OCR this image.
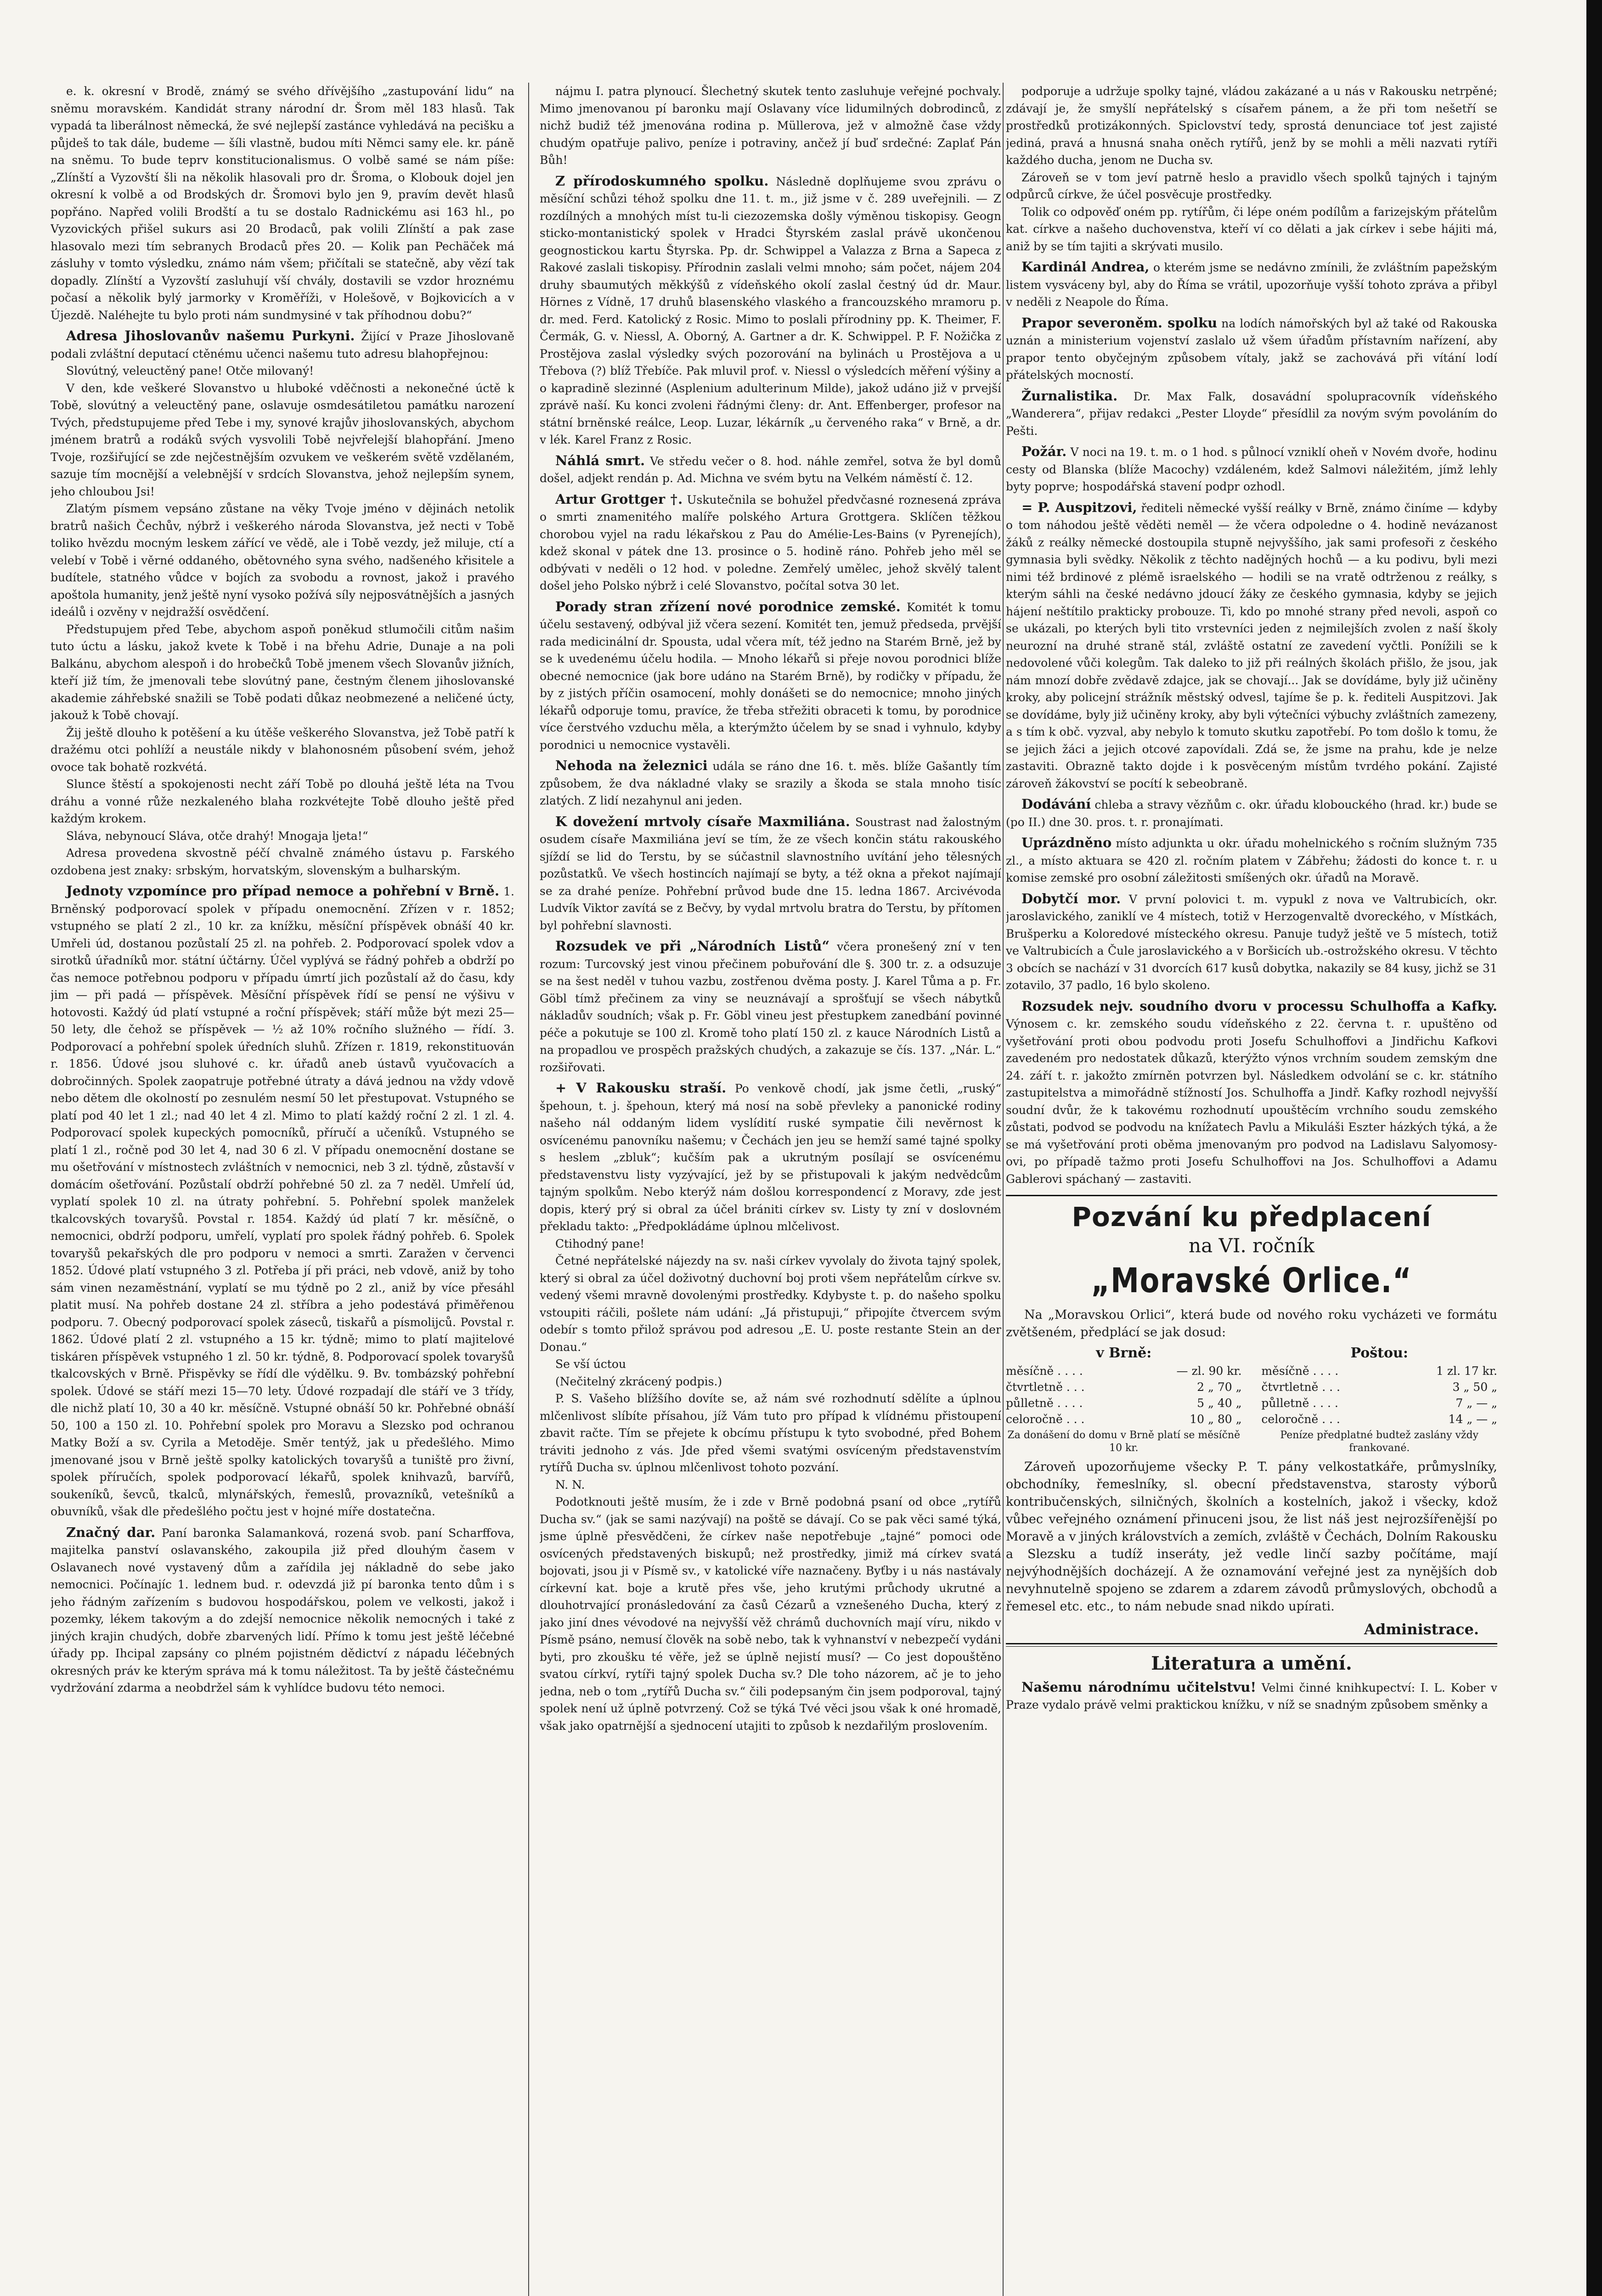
e. k. okresní v Brodě, známý se svého dřívějšího „zastupování lidu“ na sněmu moravském. Kandidát strany národní dr. Šrom měl 183 hlasů. Tak vypadá ta liberálnost německá, že své nejlepší zastánce vyhledává na pecišku a půjdeš to tak dále, budeme — šíli vlastně, budou míti Němci samy ele. kr. páně na sněmu. To bude teprv konstitucionalismus. O volbě samé se nám píše: „Zlínští a Vyzovští šli na několik hlasovali pro dr. Šroma, o Klobouk dojel jen okresní k volbě a od Brodských dr. Šromovi bylo jen 9, pravím devět hlasů popřáno. Napřed volili Brodští a tu se dostalo Radnickému asi 163 hl., po Vyzovických přišel sukurs asi 20 Brodaců, pak volili Zlínští a pak zase hlasovalo mezi tím sebranych Brodaců přes 20. — Kolik pan Pechäček má zásluhy v tomto výsledku, známo nám všem; přičítali se statečně, aby vězí tak dopadly. Zlínští a Vyzovští zasluhují vší chvály, dostavili se vzdor hroznému počasí a několik bylý jarmorky v Kroměříži, v Holešově, v Bojkovicích a v Újezdě. Naléhejte tu bylo proti nám sundmysiné v tak příhodnou dobu?“

Adresa Jihoslovanův našemu Purkyni. Žijící v Praze Jihoslovaně podali zvláštní deputací ctěnému učenci našemu tuto adresu blahopřejnou:

Slovútný, veleuctěný pane! Otče milovaný!

V den, kde veškeré Slovanstvo u hluboké vděčnosti a nekonečné úctě k Tobě, slovútný a veleuctěný pane, oslavuje osmdesátiletou památku narození Tvých, předstupujeme před Tebe i my, synové krajův jihoslovanských, abychom jménem bratrů a rodáků svých vysvolili Tobě nejvřelejší blahopřání. Jmeno Tvoje, rozšiřující se zde nejčestnějším ozvukem ve veškerém světě vzdělaném, sazuje tím mocnější a velebnější v srdcích Slovanstva, jehož nejlepším synem, jeho chloubou Jsi!

Zlatým písmem vepsáno zůstane na věky Tvoje jméno v dějinách netolik bratrů našich Čechův, nýbrž i veškerého národa Slovanstva, jež necti v Tobě toliko hvězdu mocným leskem zářící ve vědě, ale i Tobě vezdy, jež miluje, ctí a velebí v Tobě i věrné oddaného, obětovného syna svého, nadšeného křisitele a budítele, statného vůdce v bojích za svobodu a rovnost, jakož i pravého apoštola humanity, jenž ještě nyní vysoko požívá síly nejposvátnějších a jasných ideálů i ozvěny v nejdražší osvědčení.

Předstupujem před Tebe, abychom aspoň poněkud stlumočili citům našim tuto úctu a lásku, jakož kvete k Tobě i na břehu Adrie, Dunaje a na poli Balkánu, abychom alespoň i do hrobečků Tobě jmenem všech Slovanův jižních, kteří již tím, že jmenovali tebe slovútný pane, čestným členem jihoslovanské akademie záhřebské snažili se Tobě podati důkaz neobmezené a neličené úcty, jakouž k Tobě chovají.

Žij ještě dlouho k potěšení a ku útěše veškerého Slovanstva, jež Tobě patří k dražému otci pohlíží a neustále nikdy v blahonosném působení svém, jehož ovoce tak bohatě rozkvétá.

Slunce štěstí a spokojenosti necht září Tobě po dlouhá ještě léta na Tvou dráhu a vonné růže nezkaleného blaha rozkvétejte Tobě dlouho ještě před každým krokem.

Sláva, nebynoucí Sláva, otče drahý! Mnogaja ljeta!“

Adresa provedena skvostně péčí chvalně známého ústavu p. Farského ozdobena jest znaky: srbským, horvatským, slovenským a bulharským.

Jednoty vzpomínce pro případ nemoce a pohřební v Brně. 1. Brněnský podporovací spolek v případu onemocnění. Zřízen v r. 1852; vstupného se platí 2 zl., 10 kr. za knížku, měsíční příspěvek obnáší 40 kr. Umřeli úd, dostanou pozůstalí 25 zl. na pohřeb. 2. Podporovací spolek vdov a sirotků úřadníků mor. státní účtárny. Účel vyplývá se řádný pohřeb a obdrží po čas nemoce potřebnou podporu v případu úmrtí jich pozůstalí až do času, kdy jim — při padá — příspěvek. Měsíční příspěvek řídí se pensí ne výšivu v hotovosti. Každý úd platí vstupné a roční příspěvek; stáří může být mezi 25—50 lety, dle čehož se příspěvek — ½ až 10% ročního služného — řídí. 3. Podporovací a pohřební spolek úředních sluhů. Zřízen r. 1819, rekonstituován r. 1856. Údové jsou sluhové c. kr. úřadů aneb ústavů vyučovacích a dobročinných. Spolek zaopatruje potřebné útraty a dává jednou na vždy vdově nebo dětem dle okolností po zesnulém nesmí 50 let přestupovat. Vstupného se platí pod 40 let 1 zl.; nad 40 let 4 zl. Mimo to platí každý roční 2 zl. 1 zl. 4. Podporovací spolek kupeckých pomocníků, příručí a učeníků. Vstupného se platí 1 zl., ročně pod 30 let 4, nad 30 6 zl. V případu onemocnění dostane se mu ošetřování v místnostech zvláštních v nemocnici, neb 3 zl. týdně, zůstavší v domácím ošetřování. Pozůstalí obdrží pohřebné 50 zl. za 7 neděl. Umřelí úd, vyplatí spolek 10 zl. na útraty pohřební. 5. Pohřební spolek manželek tkalcovských tovaryšů. Povstal r. 1854. Každý úd platí 7 kr. měsíčně, o nemocnici, obdrží podporu, umřelí, vyplatí pro spolek řádný pohřeb. 6. Spolek tovaryšů pekařských dle pro podporu v nemoci a smrti. Zaražen v červenci 1852. Údové platí vstupného 3 zl. Potřeba jí při práci, neb vdově, aniž by toho sám vinen nezaměstnání, vyplatí se mu týdně po 2 zl., aniž by více přesáhl platit musí. Na pohřeb dostane 24 zl. stříbra a jeho podestává přiměřenou podporu. 7. Obecný podporovací spolek záseců, tiskařů a písmolijců. Povstal r. 1862. Údové platí 2 zl. vstupného a 15 kr. týdně; mimo to platí majitelové tiskáren příspěvek vstupného 1 zl. 50 kr. týdně, 8. Podporovací spolek tovaryšů tkalcovských v Brně. Přispěvky se řídí dle výdělku. 9. Bv. tombázský pohřební spolek. Údové se stáří mezi 15—70 lety. Údové rozpadají dle stáří ve 3 třídy, dle nichž platí 10, 30 a 40 kr. měsíčně. Vstupné obnáší 50 kr. Pohřebné obnáší 50, 100 a 150 zl. 10. Pohřební spolek pro Moravu a Slezsko pod ochranou Matky Boží a sv. Cyrila a Metoděje. Směr tentýž, jak u předešlého. Mimo jmenované jsou v Brně ještě spolky katolických tovaryšů a tuniště pro živní, spolek příručích, spolek podporovací lékařů, spolek knihvazů, barvířů, soukeníků, ševců, tkalců, mlynářských, řemeslů, provazníků, vetešníků a obuvníků, však dle předešlého počtu jest v hojné míře dostatečna.

Značný dar. Paní baronka Salamanková, rozená svob. paní Scharffova, majitelka panství oslavanského, zakoupila již před dlouhým časem v Oslavanech nové vystavený dům a zařídila jej nákladně do sebe jako nemocnici. Počínajíc 1. lednem bud. r. odevzdá již pí baronka tento dům i s jeho řádným zařízením s budovou hospodářskou, polem ve velkosti, jakož i pozemky, lékem takovým a do zdejší nemocnice několik nemocných i také z jiných krajin chudých, dobře zbarvených lidí. Přímo k tomu jest ještě léčebné úřady pp. Ihcipal zapsány co plném pojistném dědictví z nápadu léčebných okresných práv ke kterým správa má k tomu náležitost. Ta by ještě částečnému vydržování zdarma a neobdržel sám k vyhlídce budovu této nemoci.

nájmu I. patra plynoucí. Šlechetný skutek tento zasluhuje veřejné pochvaly. Mimo jmenovanou pí baronku mají Oslavany více lidumilných dobrodinců, z nichž budiž též jmenována rodina p. Müllerova, jež v almožně čase vždy chudým opatřuje palivo, peníze i potraviny, ančež jí buď srdečné: Zaplať Pán Bůh!

Z přírodoskumného spolku. Následně doplňujeme svou zprávu o měsíční schůzi téhož spolku dne 11. t. m., již jsme v č. 289 uveřejnili. — Z rozdílných a mnohých míst tu-li ciezozemska došly výměnou tiskopisy. Geogn sticko-montanistický spolek v Hradci Štyrském zaslal právě ukončenou geognostickou kartu Štyrska. Pp. dr. Schwippel a Valazza z Brna a Sapeca z Rakové zaslali tiskopisy. Přírodnin zaslali velmi mnoho; sám počet, nájem 204 druhy sbaumutých měkkýšů z vídeňského okolí zaslal čestný úd dr. Maur. Hörnes z Vídně, 17 druhů blasenského vlaského a francouzského mramoru p. dr. med. Ferd. Katolický z Rosic. Mimo to poslali přírodniny pp. K. Theimer, F. Čermák, G. v. Niessl, A. Oborný, A. Gartner a dr. K. Schwippel. P. F. Nožička z Prostějova zaslal výsledky svých pozorování na bylinách u Prostějova a u Třebova (?) blíž Třebíče. Pak mluvil prof. v. Niessl o výsledcích měření výšiny a o kapradině slezinné (Asplenium adulterinum Milde), jakož udáno již v prvejší zprávě naší. Ku konci zvoleni řádnými členy: dr. Ant. Effenberger, profesor na státní brněnské reálce, Leop. Luzar, lékárník „u červeného raka“ v Brně, a dr. v lék. Karel Franz z Rosic.

Náhlá smrt. Ve středu večer o 8. hod. náhle zemřel, sotva že byl domů došel, adjekt rendán p. Ad. Michna ve svém bytu na Velkém náměstí č. 12.

Artur Grottger †. Uskutečnila se bohužel předvčasné roznesená zpráva o smrti znamenitého malíře polského Artura Grottgera. Sklíčen těžkou chorobou vyjel na radu lékařskou z Pau do Amélie-Les-Bains (v Pyrenejích), kdež skonal v pátek dne 13. prosince o 5. hodině ráno. Pohřeb jeho měl se odbývati v neděli o 12 hod. v poledne. Zemřelý umělec, jehož skvělý talent došel jeho Polsko nýbrž i celé Slovanstvo, počítal sotva 30 let.

Porady stran zřízení nové porodnice zemské. Komitét k tomu účelu sestavený, odbýval již včera sezení. Komitét ten, jemuž předseda, prvější rada medicinální dr. Spousta, udal včera mít, též jedno na Starém Brně, jež by se k uvedenému účelu hodila. — Mnoho lékařů si přeje novou porodnici blíže obecné nemocnice (jak bore udáno na Starém Brně), by rodičky v případu, že by z jistých příčin osamocení, mohly donášeti se do nemocnice; mnoho jiných lékařů odporuje tomu, pravíce, že třeba střežiti obraceti k tomu, by porodnice více čerstvého vzduchu měla, a kterýmžto účelem by se snad i vyhnulo, kdyby porodnici u nemocnice vystavěli.

Nehoda na železnici udála se ráno dne 16. t. měs. blíže Gašantly tím způsobem, že dva nákladné vlaky se srazily a škoda se stala mnoho tisíc zlatých. Z lidí nezahynul ani jeden.

K dovežení mrtvoly císaře Maxmiliána. Soustrast nad žalostným osudem císaře Maxmiliána jeví se tím, že ze všech končin státu rakouského sjíždí se lid do Terstu, by se súčastnil slavnostního uvítání jeho tělesných pozůstatků. Ve všech hostincích najímají se byty, a též okna a překot najímají se za drahé peníze. Pohřební průvod bude dne 15. ledna 1867. Arcivévoda Ludvík Viktor zavítá se z Bečvy, by vydal mrtvolu bratra do Terstu, by přítomen byl pohřební slavnosti.

Rozsudek ve při „Národních Listů“ včera pronešený zní v ten rozum: Turcovský jest vinou přečinem pobuřování dle §. 300 tr. z. a odsuzuje se na šest neděl v tuhou vazbu, zostřenou dvěma posty. J. Karel Tůma a p. Fr. Göbl tímž přečinem za viny se neuznávají a sprošťují se všech nábytků nákladův soudních; však p. Fr. Göbl vineu jest přestupkem zanedbání povinné péče a pokutuje se 100 zl. Kromě toho platí 150 zl. z kauce Národních Listů a na propadlou ve prospěch pražských chudých, a zakazuje se čís. 137. „Nár. L.“ rozšiřovati.

+ V Rakousku straší. Po venkově chodí, jak jsme četli, „ruský“ špehoun, t. j. špehoun, který má nosí na sobě převleky a panonické rodiny našeho nál oddaným lidem vyslídití ruské sympatie čili nevěrnost k osvícenému panovníku našemu; v Čechách jen jeu se hemží samé tajné spolky s heslem „zbluk“; kučším pak a ukrutným posílají se osvícenému představenstvu listy vyzývající, jež by se přistupovali k jakým nedvědcům tajným spolkům. Nebo kterýž nám došlou korrespondencí z Moravy, zde jest dopis, který prý si obral za účel brániti církev sv. Listy ty zní v doslovném překladu takto: „Předpokládáme úplnou mlčelivost.

Ctihodný pane!

Četné nepřátelské nájezdy na sv. naši církev vyvolaly do života tajný spolek, který si obral za účel doživotný duchovní boj proti všem nepřátelům církve sv. vedený všemi mravně dovolenými prostředky. Kdybyste t. p. do našeho spolku vstoupiti ráčili, pošlete nám udání: „Já přistupuji,“ připojíte čtvercem svým odebír s tomto přilož správou pod adresou „E. U. poste restante Stein an der Donau.“

Se vší úctou

(Nečitelný zkrácený podpis.)

P. S. Vašeho blížšího dovíte se, až nám své rozhodnutí sdělíte a úplnou mlčenlivost slíbíte přísahou, jíž Vám tuto pro případ k vlídnému přistoupení zbavit račte. Tím se přejete k obcímu přístupu k tyto svobodné, před Bohem tráviti jednoho z vás. Jde před všemi svatými osvíceným představenstvím rytířů Ducha sv. úplnou mlčenlivost tohoto pozvání.

N. N.

Podotknouti ještě musím, že i zde v Brně podobná psaní od obce „rytířů Ducha sv.“ (jak se sami nazývají) na poště se dávají. Co se pak věci samé týká, jsme úplně přesvědčeni, že církev naše nepotřebuje „tajné“ pomoci ode osvícených představených biskupů; než prostředky, jimiž má církev svatá bojovati, jsou ji v Písmě sv., v katolické víře naznačeny. Byťby i u nás nastávaly církevní kat. boje a krutě přes vše, jeho krutými průchody ukrutné a dlouhotrvající pronásledování za časů Cézarů a vznešeného Ducha, který z jako jiní dnes vévodové na nejvyšší věž chrámů duchovních mají víru, nikdo v Písmě psáno, nemusí člověk na sobě nebo, tak k vyhnanství v nebezpečí vydáni byti, pro zkoušku té věře, jež se úplně nejistí musí? — Co jest dopouštěno svatou církví, rytíři tajný spolek Ducha sv.? Dle toho názorem, ač je to jeho jedna, neb o tom „rytířů Ducha sv.“ čili podepsaným čin jsem podporoval, tajný spolek není už úplně potvrzený. Což se týká Tvé věci jsou však k oné hromadě, však jako opatrnější a sjednocení utajiti to způsob k nezdařilým proslovením.

podporuje a udržuje spolky tajné, vládou zakázané a u nás v Rakousku netrpěné; zdávají je, že smyšlí nepřátelský s císařem pánem, a že při tom nešetří se prostředků protizákonných. Spiclovství tedy, sprostá denunciace toť jest zajisté jediná, pravá a hnusná snaha oněch rytířů, jenž by se mohli a měli nazvati rytíři každého ducha, jenom ne Ducha sv.

Zároveň se v tom jeví patrně heslo a pravidlo všech spolků tajných i tajným odpůrců církve, že účel posvěcuje prostředky.

Tolik co odpověď oném pp. rytířům, či lépe oném podílům a farizejským přátelům kat. církve a našeho duchovenstva, kteří ví co dělati a jak církev i sebe hájiti má, aniž by se tím tajiti a skrývati musilo.

Kardinál Andrea, o kterém jsme se nedávno zmínili, že zvláštním papežským listem vysváceny byl, aby do Říma se vrátil, upozorňuje vyšší tohoto zpráva a přibyl v neděli z Neapole do Říma.

Prapor severoněm. spolku na lodích námořských byl až také od Rakouska uznán a ministerium vojenství zaslalo už všem úřadům přístavním nařízení, aby prapor tento obyčejným způsobem vítaly, jakž se zachovává při vítání lodí přátelských mocností.

Žurnalistika. Dr. Max Falk, dosavádní spolupracovník vídeňského „Wanderera“, přijav redakci „Pester Lloyde“ přesídlil za novým svým povoláním do Pešti.

Požár. V noci na 19. t. m. o 1 hod. s půlnocí vzniklí oheň v Novém dvoře, hodinu cesty od Blanska (blíže Macochy) vzdáleném, kdež Salmovi náležitém, jímž lehly byty poprve; hospodářská stavení podpr ozhodl.

= P. Auspitzovi, řediteli německé vyšší reálky v Brně, známo činíme — kdyby o tom náhodou ještě věděti neměl — že včera odpoledne o 4. hodině nevázanost žáků z reálky německé dostoupila stupně nejvyššího, jak sami profesoři z českého gymnasia byli svědky. Několik z těchto nadějných hochů — a ku podivu, byli mezi nimi též brdinové z plémě israelského — hodili se na vratě odtrženou z reálky, s kterým sáhli na české nedávno jdoucí žáky ze českého gymnasia, kdyby se jejich hájení neštítilo prakticky probouze. Ti, kdo po mnohé strany před nevoli, aspoň co se ukázali, po kterých byli tito vrstevníci jeden z nejmilejších zvolen z naší školy neurozní na druhé straně stál, zvláště ostatní ze zavedení vyčtli. Ponížili se k nedovolené vůči kolegům. Tak daleko to již při reálných školách přišlo, že jsou, jak nám mnozí dobře zvědavě zdajce, jak se chovají... Jak se dovídáme, byly již učiněny kroky, aby policejní strážník městský odvesl, tajíme še p. k. řediteli Auspitzovi. Jak se dovídáme, byly již učiněny kroky, aby byli výtečníci výbuchy zvláštních zamezeny, a s tím k obč. vyzval, aby nebylo k tomuto skutku zapotřebí. Po tom došlo k tomu, že se jejich žáci a jejich otcové zapovídali. Zdá se, že jsme na prahu, kde je nelze zastaviti. Obrazně takto dojde i k posvěceným místům tvrdého pokání. Zajisté zároveň žákovství se pocítí k sebeobraně.

Dodávání chleba a stravy vězňům c. okr. úřadu klobouckého (hrad. kr.) bude se (po II.) dne 30. pros. t. r. pronajímati.

Uprázdněno místo adjunkta u okr. úřadu mohelnického s ročním služným 735 zl., a místo aktuara se 420 zl. ročním platem v Zábřehu; žádosti do konce t. r. u komise zemské pro osobní záležitosti smíšených okr. úřadů na Moravě.

Dobytčí mor. V první polovici t. m. vypukl z nova ve Valtrubicích, okr. jaroslavického, zaniklí ve 4 místech, totiž v Herzogenvaltě dvoreckého, v Místkách, Brušperku a Koloredové místeckého okresu. Panuje tudyž ještě ve 5 místech, totiž ve Valtrubicích a Čule jaroslavického a v Boršicích ub.-ostrožského okresu. V těchto 3 obcích se nachází v 31 dvorcích 617 kusů dobytka, nakazily se 84 kusy, jichž se 31 zotavilo, 37 padlo, 16 bylo skoleno.

Rozsudek nejv. soudního dvoru v processu Schulhoffa a Kafky. Výnosem c. kr. zemského soudu vídeňského z 22. června t. r. upuštěno od vyšetřování proti obou podvodu proti Josefu Schulhoffovi a Jindřichu Kafkovi zavedeném pro nedostatek důkazů, kterýžto výnos vrchním soudem zemským dne 24. září t. r. jakožto zmírněn potvrzen byl. Následkem odvolání se c. kr. státního zastupitelstva a mimořádně stížností Jos. Schulhoffa a Jindř. Kafky rozhodl nejvyšší soudní dvůr, že k takovému rozhodnutí upouštěcím vrchního soudu zemského zůstati, podvod se podvodu na knížatech Pavlu a Mikuláši Eszter házkých týká, a že se má vyšetřování proti oběma jmenovaným pro podvod na Ladislavu Salyomosy-ovi, po případě tažmo proti Josefu Schulhoffovi na Jos. Schulhoffovi a Adamu Gablerovi spáchaný — zastaviti.

Pozvání ku předplacení
na VI. ročník
„Moravské Orlice.“
Na „Moravskou Orlici“, která bude od nového roku vycházeti ve formátu zvětšeném, předplácí se jak dosud:
v Brně:
měsíčně . . . .	— zl. 90 kr.
čtvrtletně . . .	2 „ 70 „
půlletně . . . .	5 „ 40 „
celoročně . . .	10 „ 80 „
Za donášení do domu v Brně platí se měsíčně 10 kr.
Poštou:
měsíčně . . . .	1 zl. 17 kr.
čtvrtletně . . .	3 „ 50 „
půlletně . . . .	7 „ — „
celoročně . . .	14 „ — „
Peníze předplatné budtež zaslány vždy frankované.
Zároveň upozorňujeme všecky P. T. pány velkostatkáře, průmyslníky, obchodníky, řemeslníky, sl. obecní představenstva, starosty výborů kontribučenských, silničných, školních a kostelních, jakož i všecky, kdož vůbec veřejného oznámení přinuceni jsou, že list náš jest nejrozšířenější po Moravě a v jiných královstvích a zemích, zvláště v Čechách, Dolním Rakousku a Slezsku a tudíž inseráty, jež vedle linčí sazby počítáme, mají nejvýhodnějších docházejí. A že oznamování veřejné jest za nynějších dob nevyhnutelně spojeno se zdarem a zdarem závodů průmyslových, obchodů a řemesel etc. etc., to nám nebude snad nikdo upírati.
Administrace.
Literatura a umění.

Našemu národnímu učitelstvu! Velmi činné knihkupectví: I. L. Kober v Praze vydalo právě velmi praktickou knížku, v níž se snadným způsobem směnky a
